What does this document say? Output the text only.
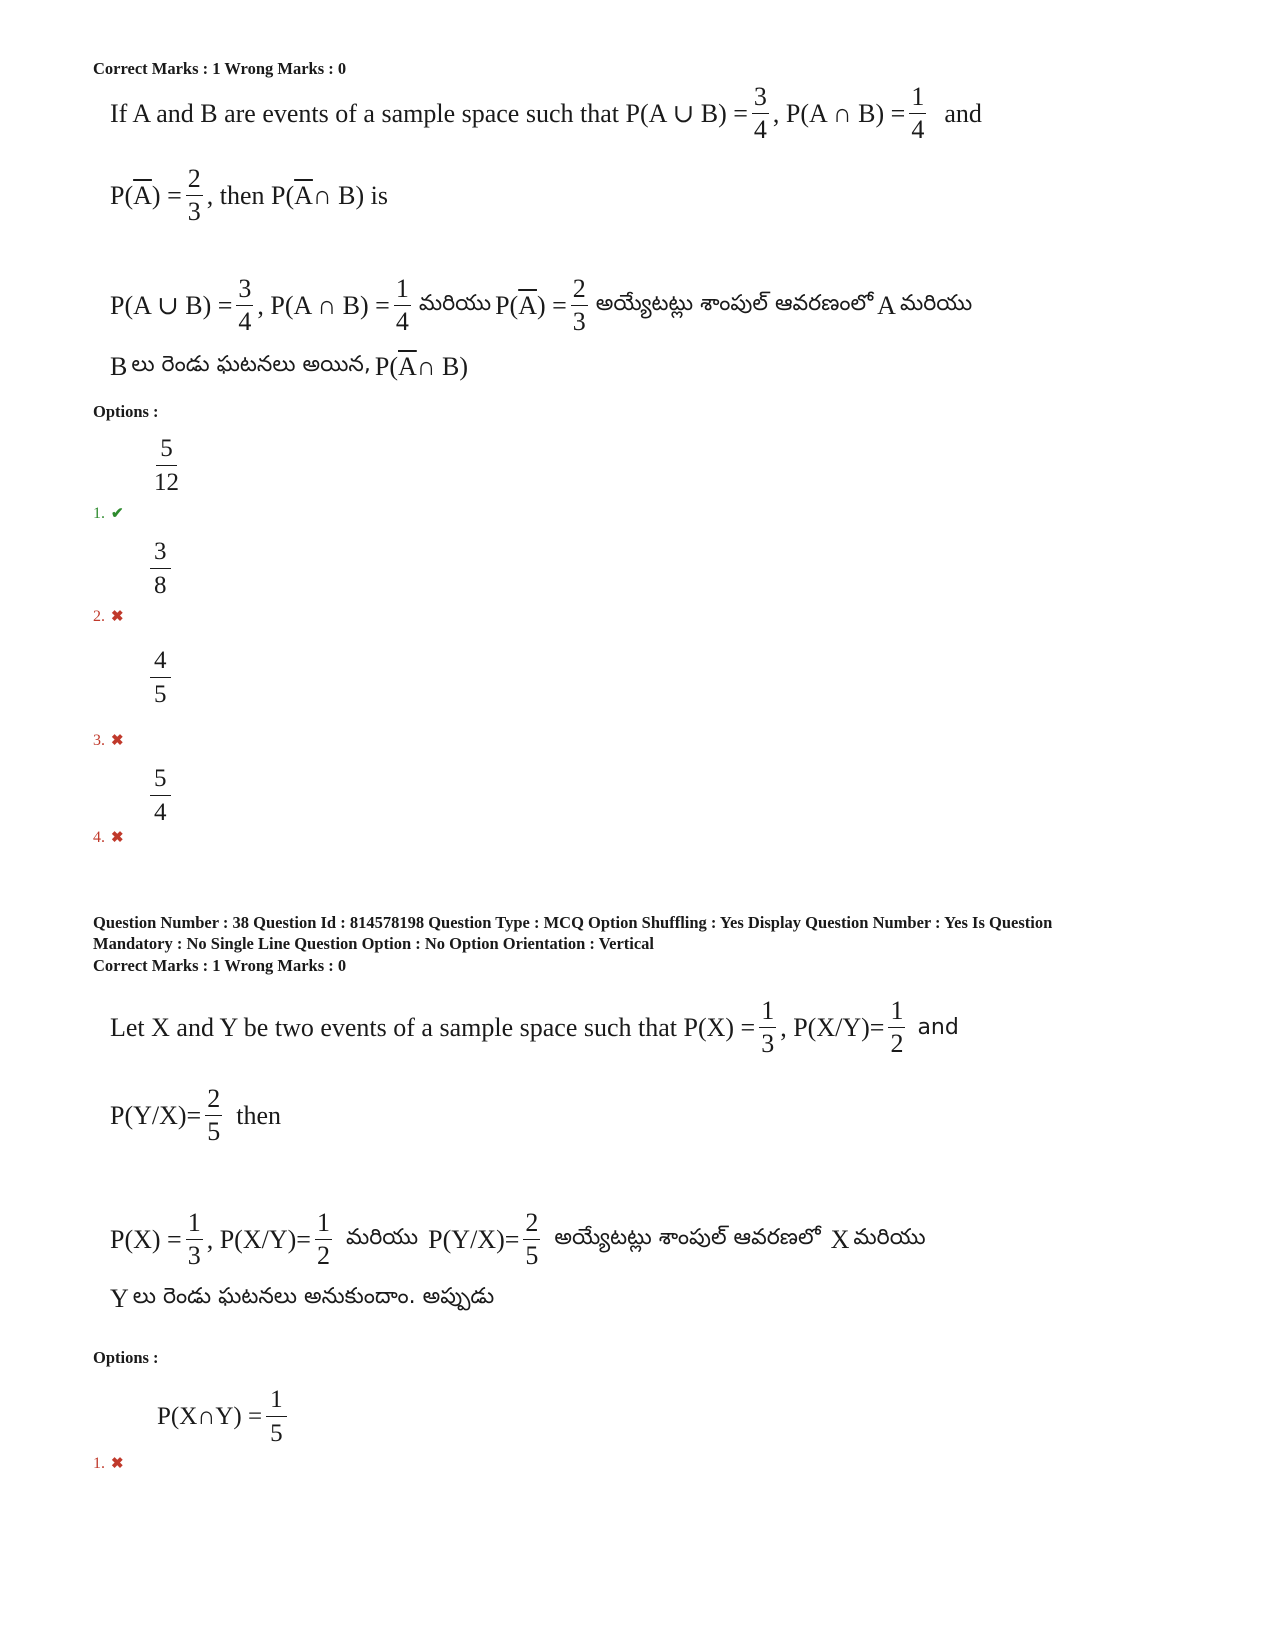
Correct Marks : 1 Wrong Marks : 0
If A and B are events of a sample space such that P(A ∪ $B) = \frac{3}{4}$ , P(A ∩ $B) = \frac{1}{4}$ and
P( $\overline{A}$ ) = $\frac{2}{3}$ , then P( $\overline{A}$ ∩ B) is
P(A ∪ $B) = \frac{3}{4}$ , P(A ∩ $B) = \frac{1}{4}$ మరియు P( $\overline{A}$ ) = $\frac{2}{3}$ అయ్యేటట్లు శాంపుల్ ఆవరణంలో A మరియు
B లు రెండు ఘటనలు అయిన, P( $\overline{A}$ ∩ B)
Options :
$\frac{5}{12}$
1. ✔
$\frac{3}{8}$
2. ✖
$\frac{4}{5}$
3. ✖
$\frac{5}{4}$
4. ✖
Question Number : 38 Question Id : 814578198 Question Type : MCQ Option Shuffling : Yes Display Question Number : Yes Is Question
Mandatory : No Single Line Question Option : No Option Orientation : Vertical
Correct Marks : 1 Wrong Marks : 0
Let X and Y be two events of a sample space such that $P(X) = \frac{1}{3}$ , $P(X/Y)= \frac{1}{2}$ and
$P(Y/X)= \frac{2}{5}$ then
$P(X) = \frac{1}{3}$ , $P(X/Y)= \frac{1}{2}$ మరియు $P(Y/X)= \frac{2}{5}$ అయ్యేటట్లు శాంపుల్ ఆవరణలో X మరియు
Y లు రెండు ఘటనలు అనుకుందాం. అప్పుడు
Options :
P(X∩Y) = $\frac{1}{5}$
1. ✖
